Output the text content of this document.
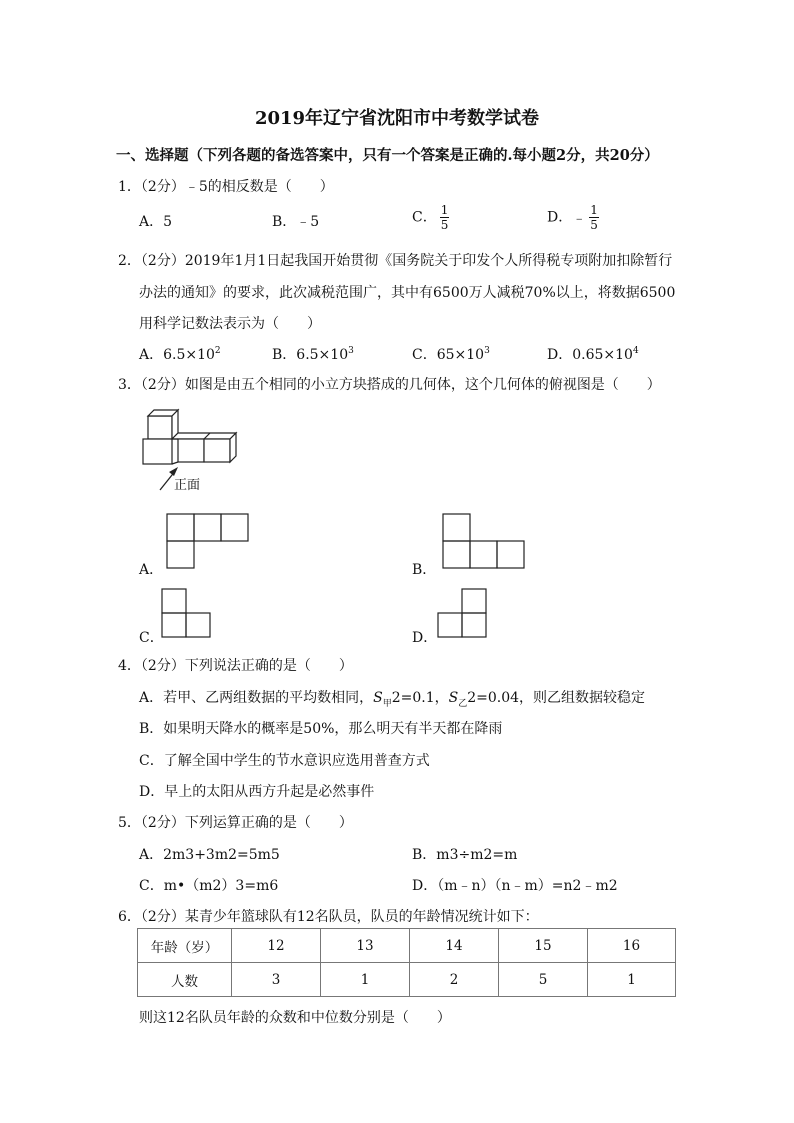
2019年辽宁省沈阳市中考数学试卷
一、选择题（下列各题的备选答案中，只有一个答案是正确的.每小题2分，共20分）
1．（2分）﹣5的相反数是（　　）
A．5	B．﹣5	C． $\frac{1}{5}$	D．﹣ $\frac{1}{5}$
2．（2分）2019年1月1日起我国开始贯彻《国务院关于印发个人所得税专项附加扣除暂行
办法的通知》的要求，此次减税范围广，其中有6500万人减税70%以上，将数据6500
用科学记数法表示为（　　）
A．$6.5\times 10^2$	B．$6.5\times 10^3$	C．$65\times 10^3$	D．$0.65\times 10^4$
3．（2分）如图是由五个相同的小立方块搭成的几何体，这个几何体的俯视图是（　　）
正面
A．	B．
C．	D．
4．（2分）下列说法正确的是（　　）
A．若甲、乙两组数据的平均数相同，$S_甲2=0.1$，$S_乙2=0.04$，则乙组数据较稳定
B．如果明天降水的概率是50%，那么明天有半天都在降雨
C．了解全国中学生的节水意识应选用普查方式
D．早上的太阳从西方升起是必然事件
5．（2分）下列运算正确的是（　　）
A．2m3+3m2=5m5	B．m3÷m2=m
C．m•（m2）3=m6	D．（m﹣n）（n﹣m）=n2﹣m2
6．（2分）某青少年篮球队有12名队员，队员的年龄情况统计如下：
年龄（岁）	12	13	14	15	16
人数	3	1	2	5	1
则这12名队员年龄的众数和中位数分别是（　　）
